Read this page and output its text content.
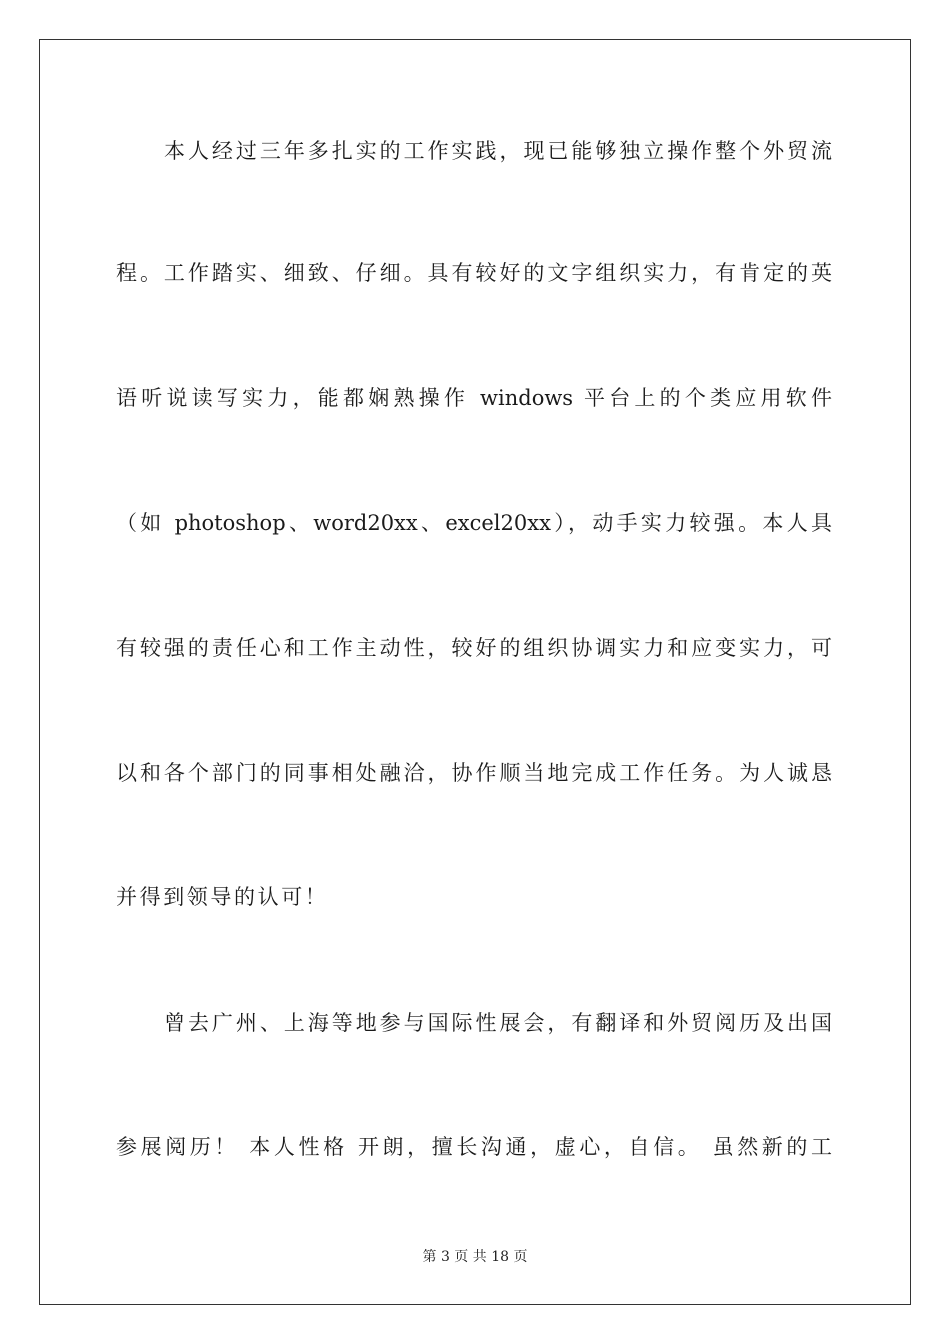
本人经过三年多扎实的工作实践，现已能够独立操作整个外贸流
程。工作踏实、细致、仔细。具有较好的文字组织实力，有肯定的英
语听说读写实力，能都娴熟操作 windows 平台上的个类应用软件
（如 photoshop、word20xx、excel20xx），动手实力较强。本人具
有较强的责任心和工作主动性，较好的组织协调实力和应变实力，可
以和各个部门的同事相处融洽，协作顺当地完成工作任务。为人诚恳
并得到领导的认可！
曾去广州、上海等地参与国际性展会，有翻译和外贸阅历及出国
参展阅历！ 本人性格 开朗，擅长沟通，虚心，自信。 虽然新的工
第 3 页 共 18 页
